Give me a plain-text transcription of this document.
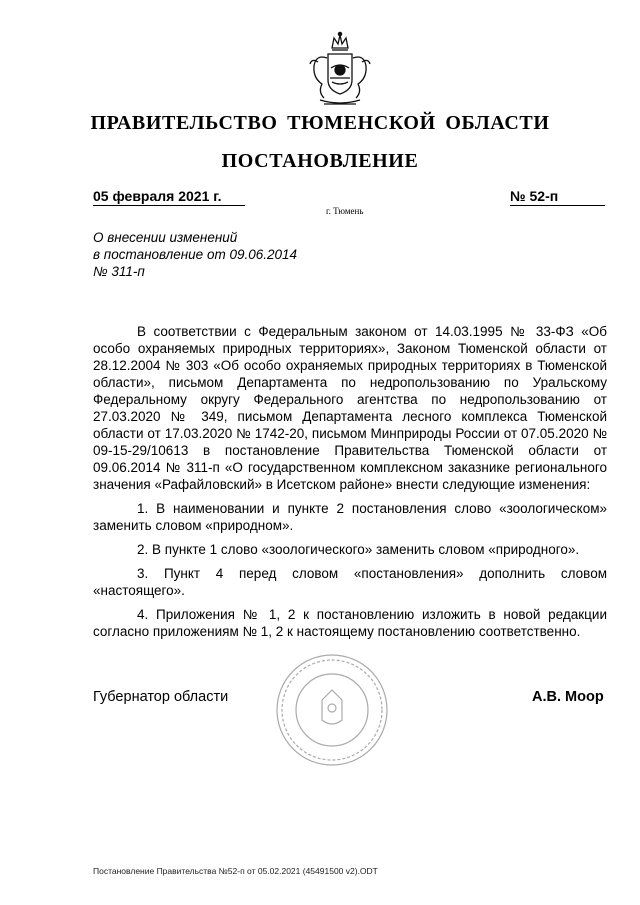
ПРАВИТЕЛЬСТВО ТЮМЕНСКОЙ ОБЛАСТИ
ПОСТАНОВЛЕНИЕ
05 февраля 2021 г.	№ 52-п
г. Тюмень
О внесении изменений
в постановление от 09.06.2014
№ 311-п

В соответствии с Федеральным законом от 14.03.1995 № 33-ФЗ «Об особо охраняемых природных территориях», Законом Тюменской области от 28.12.2004 № 303 «Об особо охраняемых природных территориях в Тюменской области», письмом Департамента по недропользованию по Уральскому Федеральному округу Федерального агентства по недропользованию от 27.03.2020 № 349, письмом Департамента лесного комплекса Тюменской области от 17.03.2020 № 1742-20, письмом Минприроды России от 07.05.2020 № 09-15-29/10613 в постановление Правительства Тюменской области от 09.06.2014 № 311-п «О государственном комплексном заказнике регионального значения «Рафайловский» в Исетском районе» внести следующие изменения:

1. В наименовании и пункте 2 постановления слово «зоологическом» заменить словом «природном».

2. В пункте 1 слово «зоологического» заменить словом «природного».

3. Пункт 4 перед словом «постановления» дополнить словом «настоящего».

4. Приложения № 1, 2 к постановлению изложить в новой редакции согласно приложениям № 1, 2 к настоящему постановлению соответственно.

Губернатор области	А.В. Моор
Постановление Правительства №52-п от 05.02.2021 (45491500 v2).ODT
